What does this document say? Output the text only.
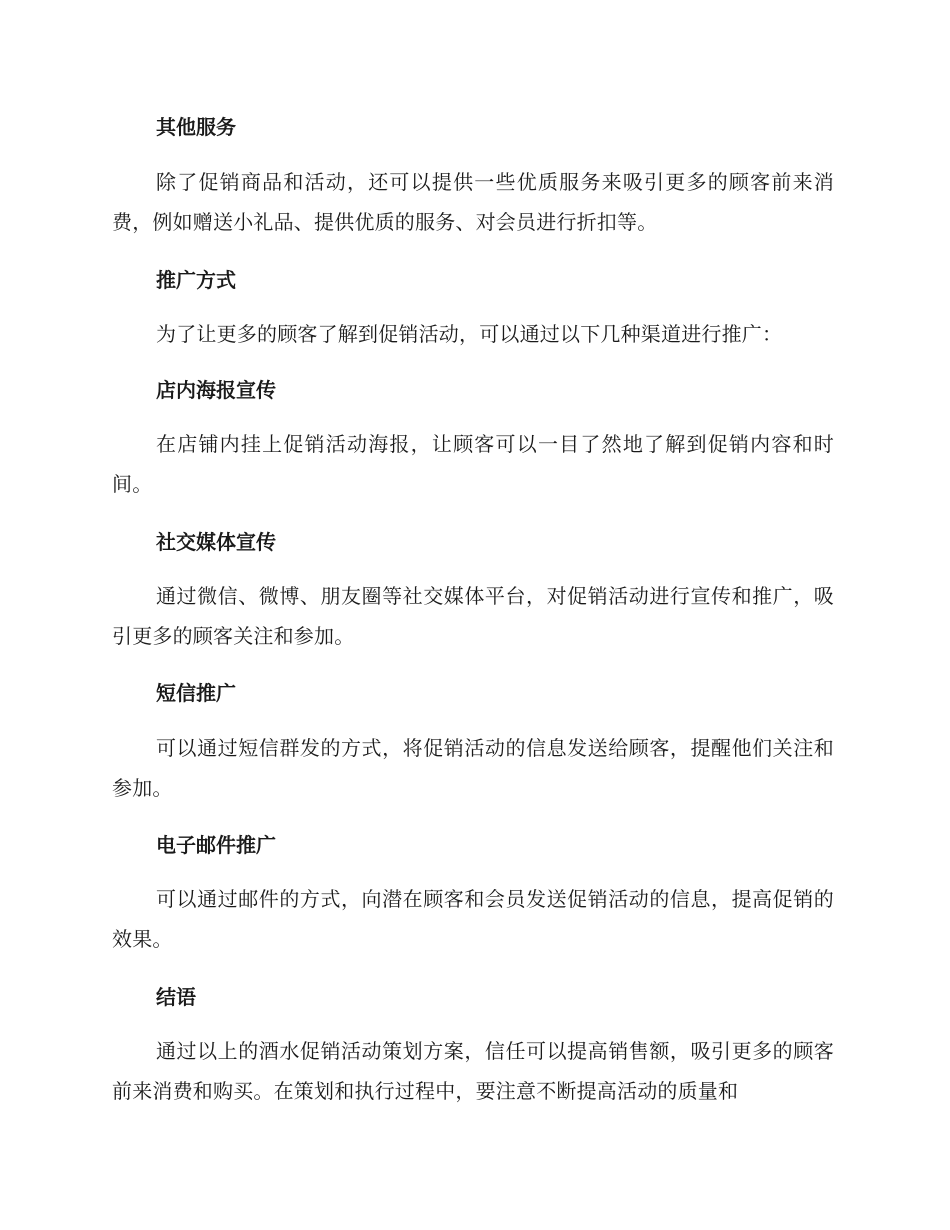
其他服务

除了促销商品和活动，还可以提供一些优质服务来吸引更多的顾客前来消费，例如赠送小礼品、提供优质的服务、对会员进行折扣等。

推广方式

为了让更多的顾客了解到促销活动，可以通过以下几种渠道进行推广：

店内海报宣传

在店铺内挂上促销活动海报，让顾客可以一目了然地了解到促销内容和时间。

社交媒体宣传

通过微信、微博、朋友圈等社交媒体平台，对促销活动进行宣传和推广，吸引更多的顾客关注和参加。

短信推广

可以通过短信群发的方式，将促销活动的信息发送给顾客，提醒他们关注和参加。

电子邮件推广

可以通过邮件的方式，向潜在顾客和会员发送促销活动的信息，提高促销的效果。

结语

通过以上的酒水促销活动策划方案，信任可以提高销售额，吸引更多的顾客前来消费和购买。在策划和执行过程中，要注意不断提高活动的质量和
